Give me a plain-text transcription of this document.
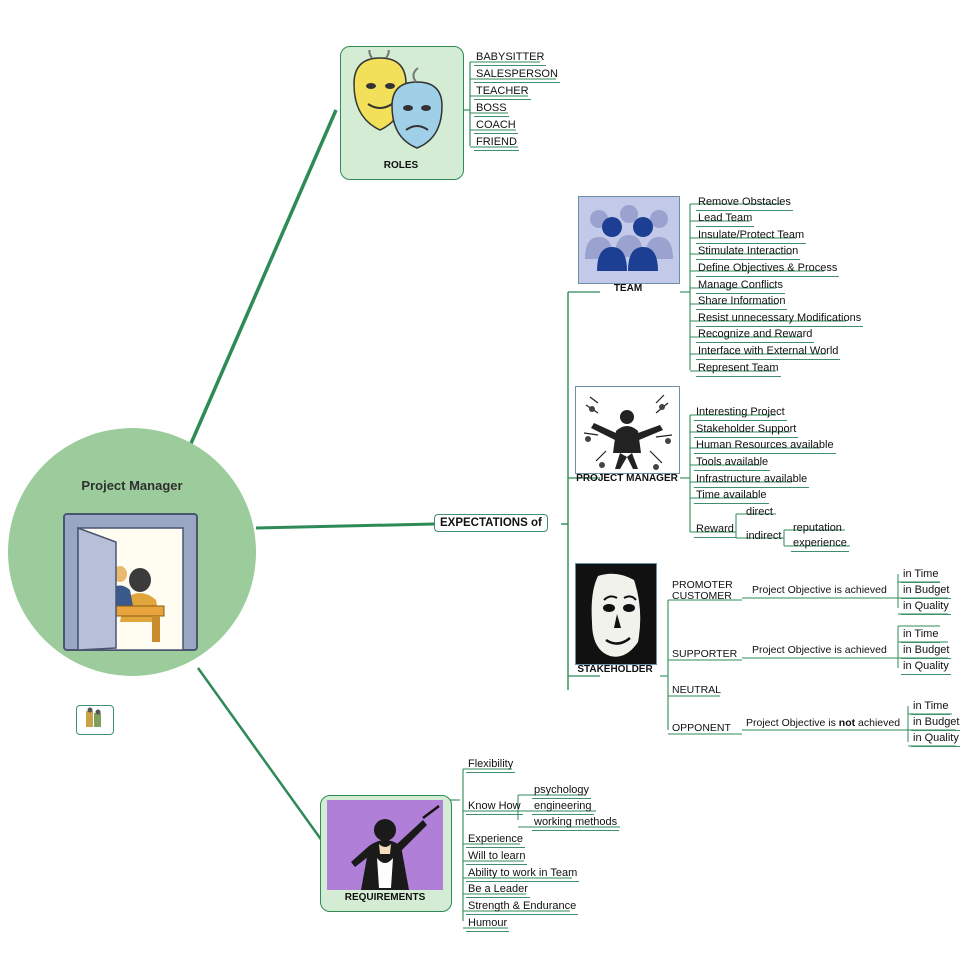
Project Manager
ROLES
BABYSITTER
SALESPERSON
TEACHER
BOSS
COACH
FRIEND
EXPECTATIONS of
TEAM
Remove Obstacles
Lead Team
Insulate/Protect Team
Stimulate Interaction
Define Objectives & Process
Manage Conflicts
Share Information
Resist unnecessary Modifications
Recognize and Reward
Interface with External World
Represent Team
PROJECT MANAGER
Interesting Project
Stakeholder Support
Human Resources available
Tools available
Infrastructure available
Time available
Reward
direct
indirect
reputation
experience
STAKEHOLDER
PROMOTER
CUSTOMER Project Objective is achieved
in Time
in Budget
in Quality
SUPPORTER Project Objective is achieved
in Time
in Budget
in Quality
NEUTRAL
OPPONENT Project Objective is not achieved
in Time
in Budget
in Quality
REQUIREMENTS
Flexibility
Know How
Experience
Will to learn
Ability to work in Team
Be a Leader
Strength & Endurance
Humour
psychology
engineering
working methods
